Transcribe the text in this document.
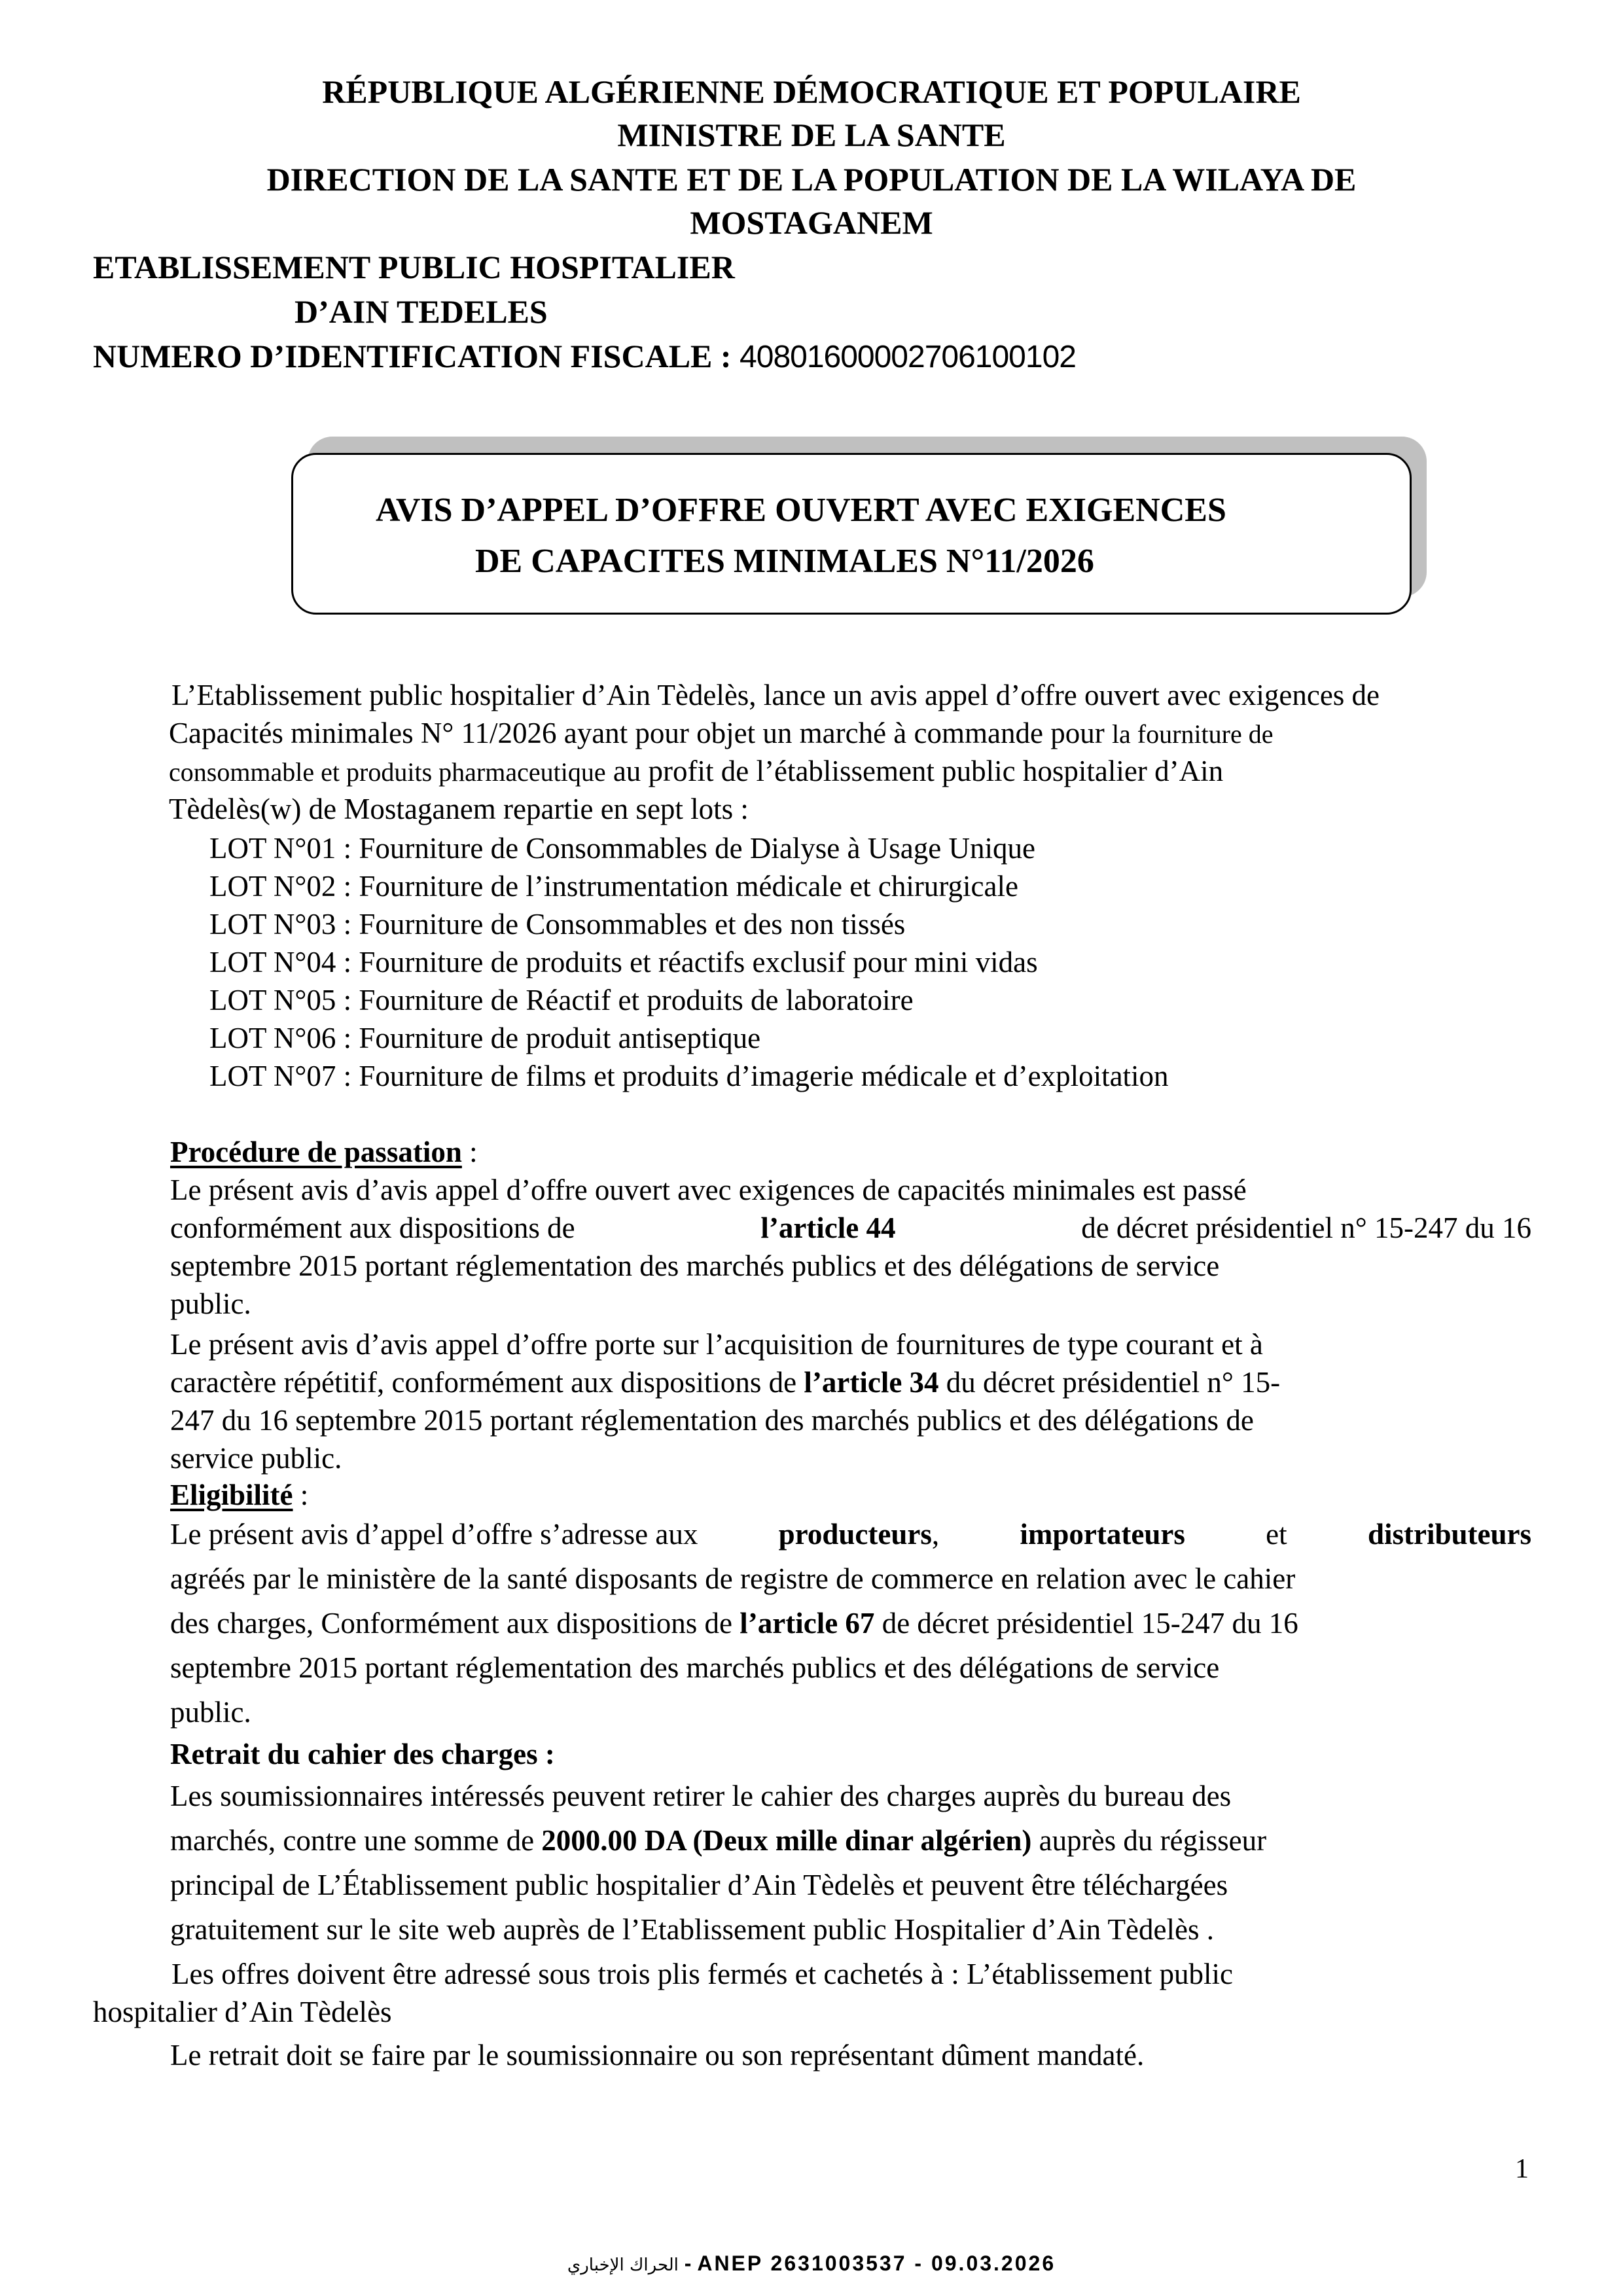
RÉPUBLIQUE ALGÉRIENNE DÉMOCRATIQUE ET POPULAIRE
MINISTRE DE LA SANTE
DIRECTION DE LA SANTE ET DE LA POPULATION DE LA WILAYA DE
MOSTAGANEM
ETABLISSEMENT PUBLIC HOSPITALIER
D’AIN TEDELES
NUMERO D’IDENTIFICATION FISCALE : 40801600002706100102
AVIS D’APPEL D’OFFRE OUVERT AVEC EXIGENCES
DE CAPACITES MINIMALES N°11/2026
L’Etablissement public hospitalier d’Ain Tèdelès, lance un avis appel d’offre ouvert avec exigences de
Capacités minimales N° 11/2026 ayant pour objet un marché à commande pour la fourniture de
consommable et produits pharmaceutique au profit de l’établissement public hospitalier d’Ain
Tèdelès(w) de Mostaganem repartie en sept lots :
LOT N°01 : Fourniture de Consommables de Dialyse à Usage Unique
LOT N°02 : Fourniture de l’instrumentation médicale et chirurgicale
LOT N°03 : Fourniture de Consommables et des non tissés
LOT N°04 : Fourniture de produits et réactifs exclusif pour mini vidas
LOT N°05 : Fourniture de Réactif et produits de laboratoire
LOT N°06 : Fourniture de produit antiseptique
LOT N°07 : Fourniture de films et produits d’imagerie médicale et d’exploitation
Procédure de passation :
Le présent avis d’avis appel d’offre ouvert avec exigences de capacités minimales est passé
conformément aux dispositions de	l’article 44	de décret présidentiel n° 15-247 du 16
septembre 2015 portant réglementation des marchés publics et des délégations de service
public.
Le présent avis d’avis appel d’offre porte sur l’acquisition de fournitures de type courant et à
caractère répétitif, conformément aux dispositions de l’article 34 du décret présidentiel n° 15-
247 du 16 septembre 2015 portant réglementation des marchés publics et des délégations de
service public.
Eligibilité :
Le présent avis d’appel d’offre s’adresse aux	producteurs,	importateurs	et	distributeurs
agréés par le ministère de la santé disposants de registre de commerce en relation avec le cahier
des charges, Conformément aux dispositions de l’article 67 de décret présidentiel 15-247 du 16
septembre 2015 portant réglementation des marchés publics et des délégations de service
public.
Retrait du cahier des charges :
Les soumissionnaires intéressés peuvent retirer le cahier des charges auprès du bureau des
marchés, contre une somme de 2000.00 DA (Deux mille dinar algérien) auprès du régisseur
principal de L’Établissement public hospitalier d’Ain Tèdelès et peuvent être téléchargées
gratuitement sur le site web auprès de l’Etablissement public Hospitalier d’Ain Tèdelès .
Les offres doivent être adressé sous trois plis fermés et cachetés à : L’établissement public
hospitalier d’Ain Tèdelès
Le retrait doit se faire par le soumissionnaire ou son représentant dûment mandaté.
1
الحراك الإخباري - ANEP 2631003537 - 09.03.2026
